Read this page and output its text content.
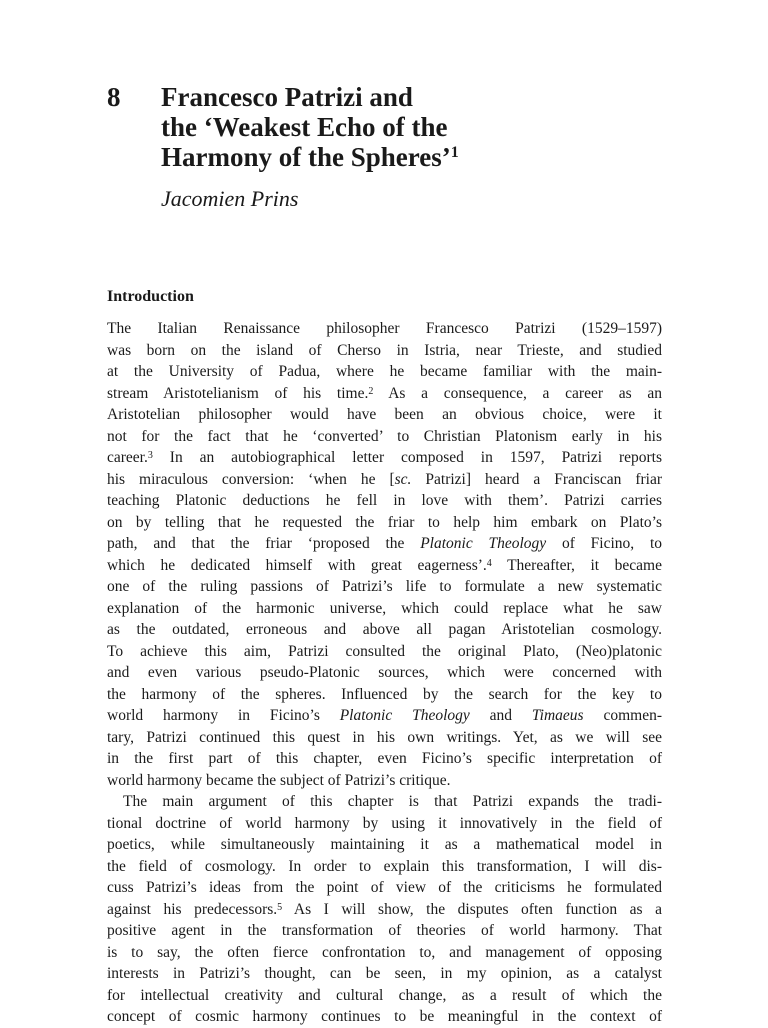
8 Francesco Patrizi and
the ‘Weakest Echo of the
Harmony of the Spheres’$^1$
Jacomien Prins
Introduction
The Italian Renaissance philosopher Francesco Patrizi (1529–1597)
was born on the island of Cherso in Istria, near Trieste, and studied
at the University of Padua, where he became familiar with the main-
stream Aristotelianism of his time.$^2$ As a consequence, a career as an
Aristotelian philosopher would have been an obvious choice, were it
not for the fact that he ‘converted’ to Christian Platonism early in his
career.$^3$ In an autobiographical letter composed in 1597, Patrizi reports
his miraculous conversion: ‘when he [sc. Patrizi] heard a Franciscan friar
teaching Platonic deductions he fell in love with them’. Patrizi carries
on by telling that he requested the friar to help him embark on Plato’s
path, and that the friar ‘proposed the Platonic Theology of Ficino, to
which he dedicated himself with great eagerness’.$^4$ Thereafter, it became
one of the ruling passions of Patrizi’s life to formulate a new systematic
explanation of the harmonic universe, which could replace what he saw
as the outdated, erroneous and above all pagan Aristotelian cosmology.
To achieve this aim, Patrizi consulted the original Plato, (Neo)platonic
and even various pseudo-Platonic sources, which were concerned with
the harmony of the spheres. Influenced by the search for the key to
world harmony in Ficino’s Platonic Theology and Timaeus commen-
tary, Patrizi continued this quest in his own writings. Yet, as we will see
in the first part of this chapter, even Ficino’s specific interpretation of
world harmony became the subject of Patrizi’s critique.
The main argument of this chapter is that Patrizi expands the tradi-
tional doctrine of world harmony by using it innovatively in the field of
poetics, while simultaneously maintaining it as a mathematical model in
the field of cosmology. In order to explain this transformation, I will dis-
cuss Patrizi’s ideas from the point of view of the criticisms he formulated
against his predecessors.$^5$ As I will show, the disputes often function as a
positive agent in the transformation of theories of world harmony. That
is to say, the often fierce confrontation to, and management of opposing
interests in Patrizi’s thought, can be seen, in my opinion, as a catalyst
for intellectual creativity and cultural change, as a result of which the
concept of cosmic harmony continues to be meaningful in the context of
